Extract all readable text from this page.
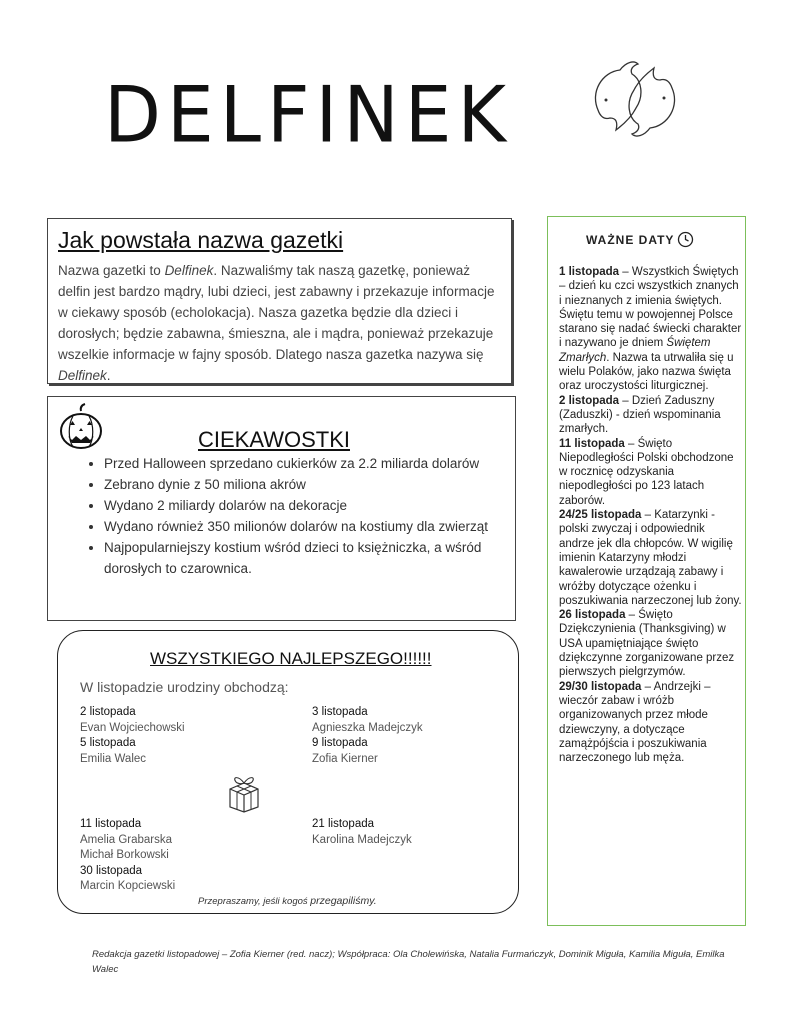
DELFINEK
Jak powstała nazwa gazetki

Nazwa gazetki to Delfinek. Nazwaliśmy tak naszą gazetkę, ponieważ delfin jest bardzo mądry, lubi dzieci, jest zabawny i przekazuje informacje w ciekawy sposób (echolokacja). Nasza gazetka będzie dla dzieci i dorosłych; będzie zabawna, śmieszna, ale i mądra, ponieważ przekazuje wszelkie informacje w fajny sposób. Dlatego nasza gazetka nazywa się Delfinek.

CIEKAWOSTKI
• Przed Halloween sprzedano cukierków za 2.2 miliarda dolarów
• Zebrano dynie z 50 miliona akrów
• Wydano 2 miliardy dolarów na dekoracje
• Wydano również 350 milionów dolarów na kostiumy dla zwierząt
• Najpopularniejszy kostium wśród dzieci to księżniczka, a wśród dorosłych to czarownica.
WSZYSTKIEGO NAJLEPSZEGO!!!!!!
W listopadzie urodziny obchodzą:
2 listopada
Evan Wojciechowski
5 listopada
Emilia Walec
3 listopada
Agnieszka Madejczyk
9 listopada
Zofia Kierner
11 listopada
Amelia Grabarska
Michał Borkowski
30 listopada
Marcin Kopciewski
21 listopada
Karolina Madejczyk
Przepraszamy, jeśli kogoś przegapiliśmy.
WAŻNE DATY

1 listopada – Wszystkich Świętych – dzień ku czci wszystkich znanych i nieznanych z imienia świętych. Świętu temu w powojennej Polsce starano się nadać świecki charakter i nazywano je dniem Świętem Zmarłych. Nazwa ta utrwaliła się u wielu Polaków, jako nazwa święta oraz uroczystości liturgicznej.

2 listopada – Dzień Zaduszny (Zaduszki) - dzień wspominania zmarłych.

11 listopada – Święto Niepodległości Polski obchodzone w rocznicę odzyskania niepodległości po 123 latach zaborów.

24/25 listopada – Katarzynki - polski zwyczaj i odpowiednik andrze jek dla chłopców. W wigilię imienin Katarzyny młodzi kawalerowie urządzają zabawy i wróżby dotyczące ożenku i poszukiwania narzeczonej lub żony.

26 listopada – Święto Dziękczynienia (Thanksgiving) w USA upamiętniające święto dziękczynne zorganizowane przez pierwszych pielgrzymów.

29/30 listopada – Andrzejki – wieczór zabaw i wróżb organizowanych przez młode dziewczyny, a dotyczące zamążpójścia i poszukiwania narzeczonego lub męża.

Redakcja gazetki listopadowej – Zofia Kierner (red. nacz); Współpraca: Ola Cholewińska, Natalia Furmańczyk, Dominik Miguła, Kamilia Miguła, Emilka Walec
